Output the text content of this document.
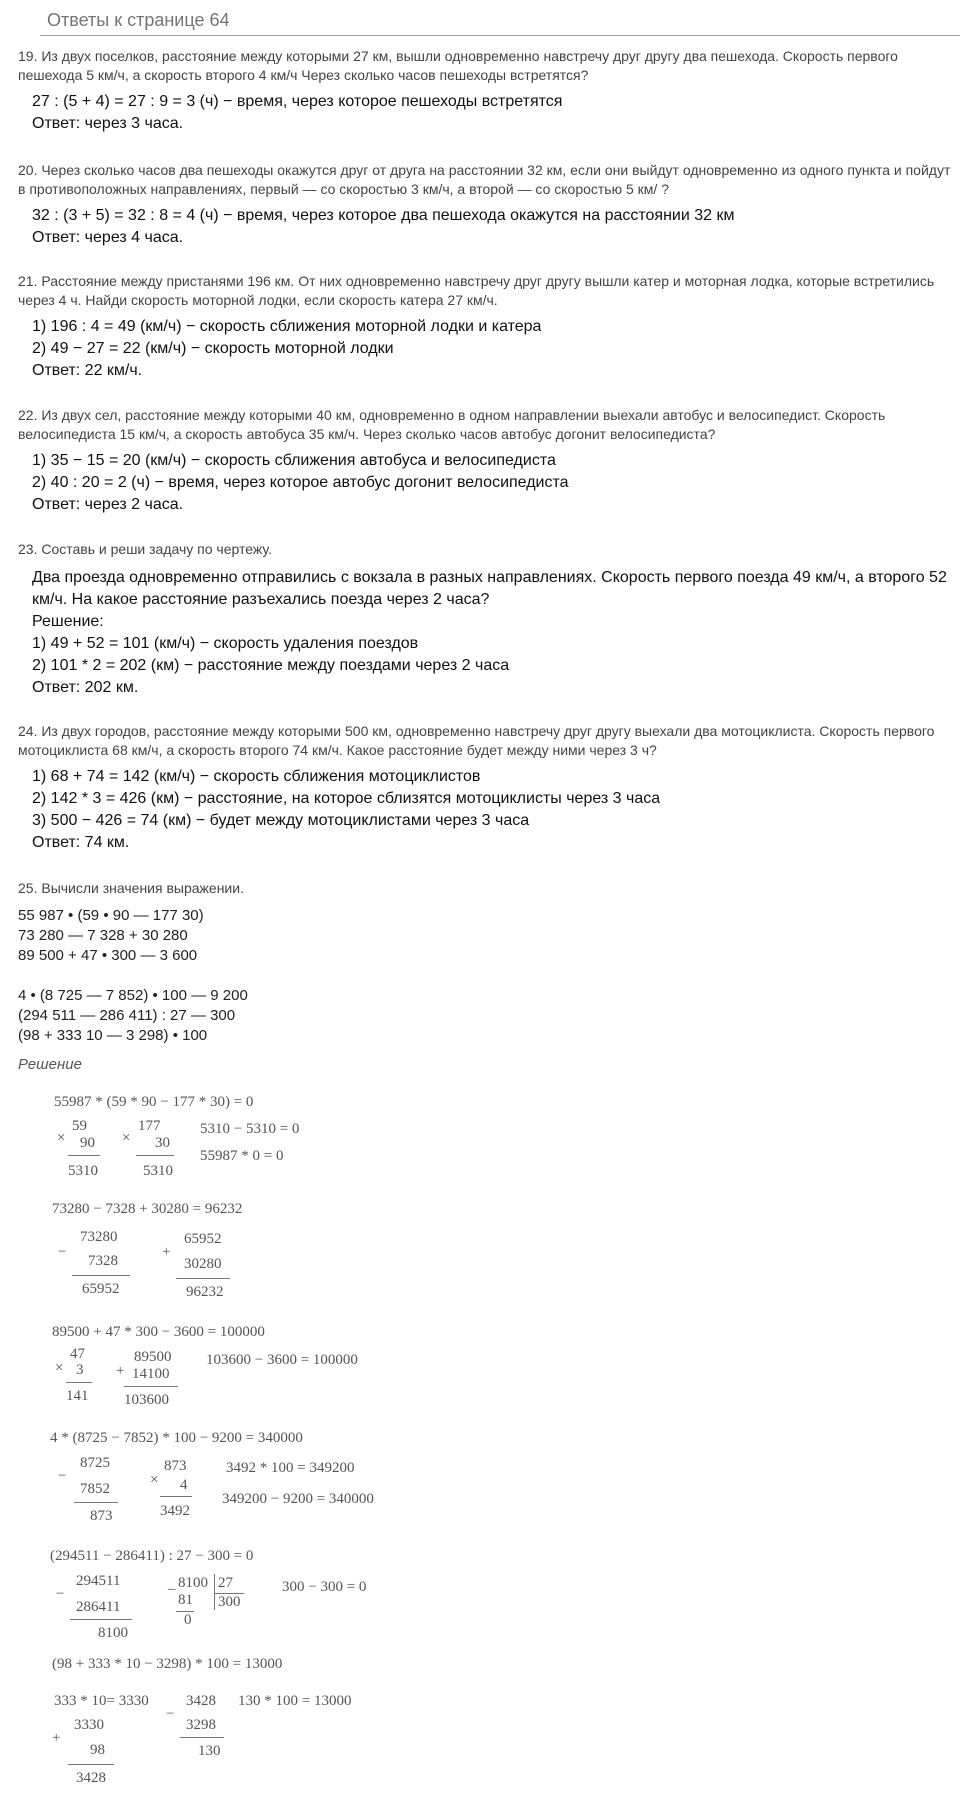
Ответы к странице 64

19. Из двух поселков, расстояние между которыми 27 км, вышли одновременно навстречу друг другу два пешехода. Скорость первого пешехода 5 км/ч, а скорость второго 4 км/ч Через сколько часов пешеходы встретятся?

27 : (5 + 4) = 27 : 9 = 3 (ч) − время, через которое пешеходы встретятся
Ответ: через 3 часа.

20. Через сколько часов два пешеходы окажутся друг от друга на расстоянии 32 км, если они выйдут одновременно из одного пункта и пойдут в противоположных направлениях, первый — со скоростью 3 км/ч, а второй — со скоростью 5 км/ ?

32 : (3 + 5) = 32 : 8 = 4 (ч) − время, через которое два пешехода окажутся на расстоянии 32 км
Ответ: через 4 часа.

21. Расстояние между пристанями 196 км. От них одновременно навстречу друг другу вышли катер и моторная лодка, которые встретились через 4 ч. Найди скорость моторной лодки, если скорость катера 27 км/ч.

1) 196 : 4 = 49 (км/ч) − скорость сближения моторной лодки и катера
2) 49 − 27 = 22 (км/ч) − скорость моторной лодки
Ответ: 22 км/ч.

22. Из двух сел, расстояние между которыми 40 км, одновременно в одном направлении выехали автобус и велосипедист. Скорость велосипедиста 15 км/ч, а скорость автобуса 35 км/ч. Через сколько часов автобус догонит велосипедиста?

1) 35 − 15 = 20 (км/ч) − скорость сближения автобуса и велосипедиста
2) 40 : 20 = 2 (ч) − время, через которое автобус догонит велосипедиста
Ответ: через 2 часа.

23. Составь и реши задачу по чертежу.

Два проезда одновременно отправились с вокзала в разных направлениях. Скорость первого поезда 49 км/ч, а второго 52 км/ч. На какое расстояние разъехались поезда через 2 часа?
Решение:
1) 49 + 52 = 101 (км/ч) − скорость удаления поездов
2) 101 * 2 = 202 (км) − расстояние между поездами через 2 часа
Ответ: 202 км.

24. Из двух городов, расстояние между которыми 500 км, одновременно навстречу друг другу выехали два мотоциклиста. Скорость первого мотоциклиста 68 км/ч, а скорость второго 74 км/ч. Какое расстояние будет между ними через 3 ч?

1) 68 + 74 = 142 (км/ч) − скорость сближения мотоциклистов
2) 142 * 3 = 426 (км) − расстояние, на которое сблизятся мотоциклисты через 3 часа
3) 500 − 426 = 74 (км) − будет между мотоциклистами через 3 часа
Ответ: 74 км.

25. Вычисли значения выражении.

55 987 • (59 • 90 — 177 30)

73 280 — 7 328 + 30 280

89 500 + 47 • 300 — 3 600

4 • (8 725 — 7 852) • 100 — 9 200

(294 511 — 286 411) : 27 — 300

(98 + 333 10 — 3 298) • 100

Решение
55987 * (59 * 90 − 177 * 30) = 0
×
59
90
5310
×
177
30
5310
5310 − 5310 = 0
55987 * 0 = 0
73280 − 7328 + 30280 = 96232
−
73280
7328
65952
+
65952
30280
96232
89500 + 47 * 300 − 3600 = 100000
×
47
3
141
+
89500
14100
103600
103600 − 3600 = 100000
4 * (8725 − 7852) * 100 − 9200 = 340000
−
8725
7852
873
×
873
4
3492
3492 * 100 = 349200
349200 − 9200 = 340000
(294511 − 286411) : 27 − 300 = 0
−
294511
286411
8100
_ 8100
81
0
27
300
300 − 300 = 0
(98 + 333 * 10 − 3298) * 100 = 13000
333 * 10= 3330
+
3330
98
3428
−
3428
3298
130
130 * 100 = 13000
